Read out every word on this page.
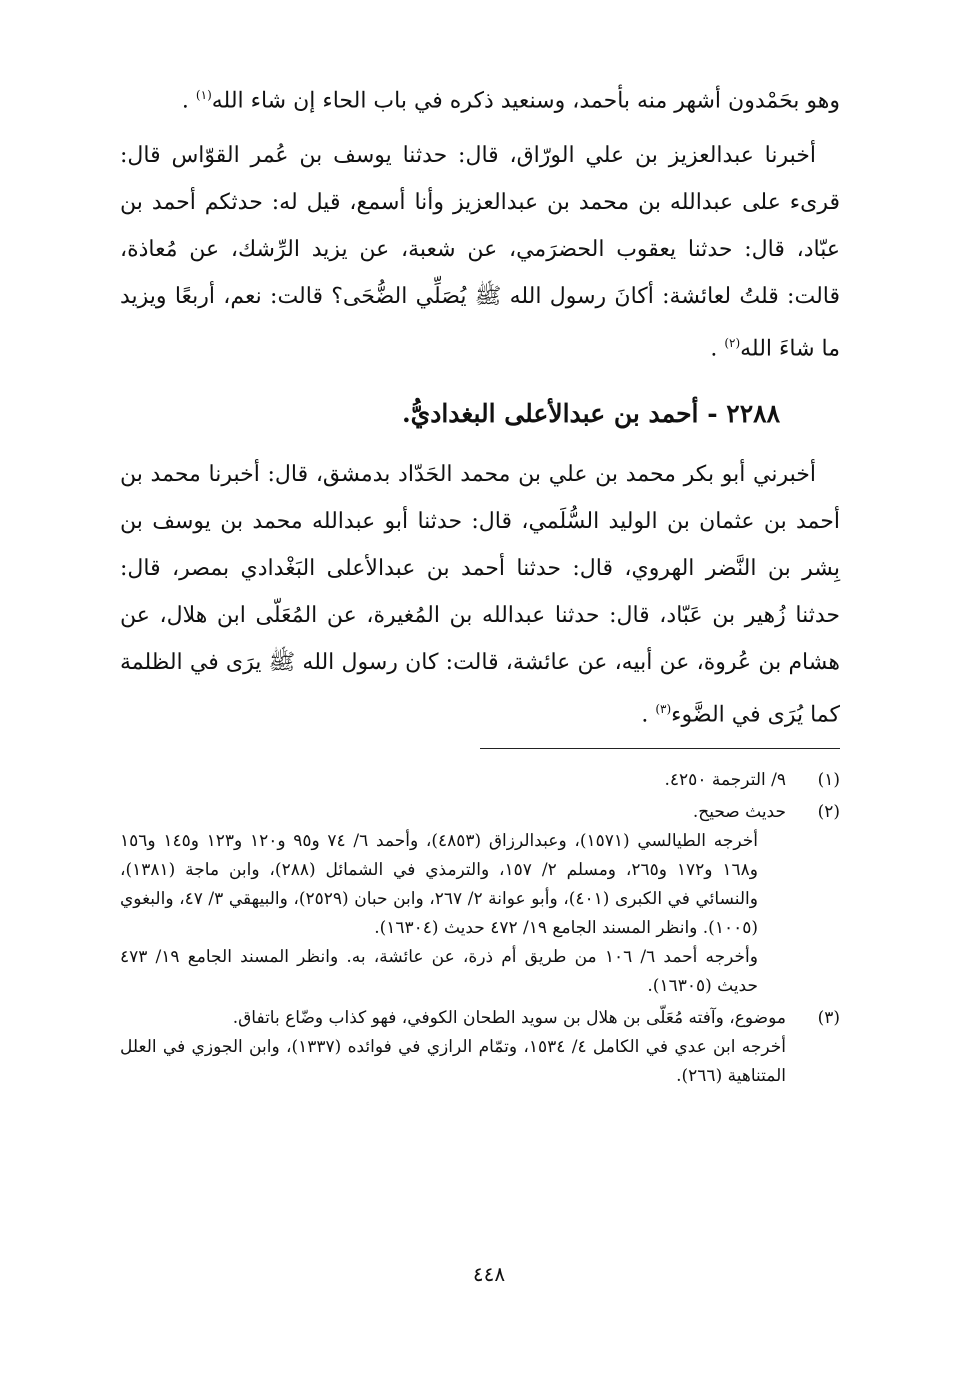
وهو بحَمْدون أشهر منه بأحمد، وسنعيد ذكره في باب الحاء إن شاء الله$^{(١)}$ .

أخبرنا عبدالعزيز بن علي الورّاق، قال: حدثنا يوسف بن عُمر القوّاس قال: قرىء على عبدالله بن محمد بن عبدالعزيز وأنا أسمع، قيل له: حدثكم أحمد بن عبّاد، قال: حدثنا يعقوب الحضرَمي، عن شعبة، عن يزيد الرِّشك، عن مُعاذة، قالت: قلتُ لعائشة: أكانَ رسول الله ﷺ يُصَلِّي الضُّحَى؟ قالت: نعم، أربعًا ويزيد ما شاءَ الله$^{(٢)}$ .

٢٢٨٨ - أحمد بن عبدالأعلى البغداديُّ.

أخبرني أبو بكر محمد بن علي بن محمد الحَدّاد بدمشق، قال: أخبرنا محمد بن أحمد بن عثمان بن الوليد السُّلَمي، قال: حدثنا أبو عبدالله محمد بن يوسف بن بِشر بن النَّضر الهروي، قال: حدثنا أحمد بن عبدالأعلى البَغْدادي بمصر، قال: حدثنا زُهير بن عَبّاد، قال: حدثنا عبدالله بن المُغيرة، عن المُعَلّى ابن هلال، عن هشام بن عُروة، عن أبيه، عن عائشة، قالت: كان رسول الله ﷺ يرَى في الظلمة كما يُرَى في الضَّوء$^{(٣)}$ .

(١)

٩/ الترجمة ٤٢٥٠.

(٢)

حديث صحيح.

أخرجه الطيالسي (١٥٧١)، وعبدالرزاق (٤٨٥٣)، وأحمد ٦/ ٧٤ و٩٥ و١٢٠ و١٢٣ و١٤٥ و١٥٦ و١٦٨ و١٧٢ و٢٦٥، ومسلم ٢/ ١٥٧، والترمذي في الشمائل (٢٨٨)، وابن ماجة (١٣٨١)، والنسائي في الكبرى (٤٠١)، وأبو عوانة ٢/ ٢٦٧، وابن حبان (٢٥٢٩)، والبيهقي ٣/ ٤٧، والبغوي (١٠٠٥). وانظر المسند الجامع ١٩/ ٤٧٢ حديث (١٦٣٠٤).

وأخرجه أحمد ٦/ ١٠٦ من طريق أم ذرة، عن عائشة، به. وانظر المسند الجامع ١٩/ ٤٧٣ حديث (١٦٣٠٥).

(٣)

موضوع، وآفته مُعَلّى بن هلال بن سويد الطحان الكوفي، فهو كذاب وضّاع باتفاق.

أخرجه ابن عدي في الكامل ٤/ ١٥٣٤، وتمّام الرازي في فوائده (١٣٣٧)، وابن الجوزي في العلل المتناهية (٢٦٦).

٤٤٨
